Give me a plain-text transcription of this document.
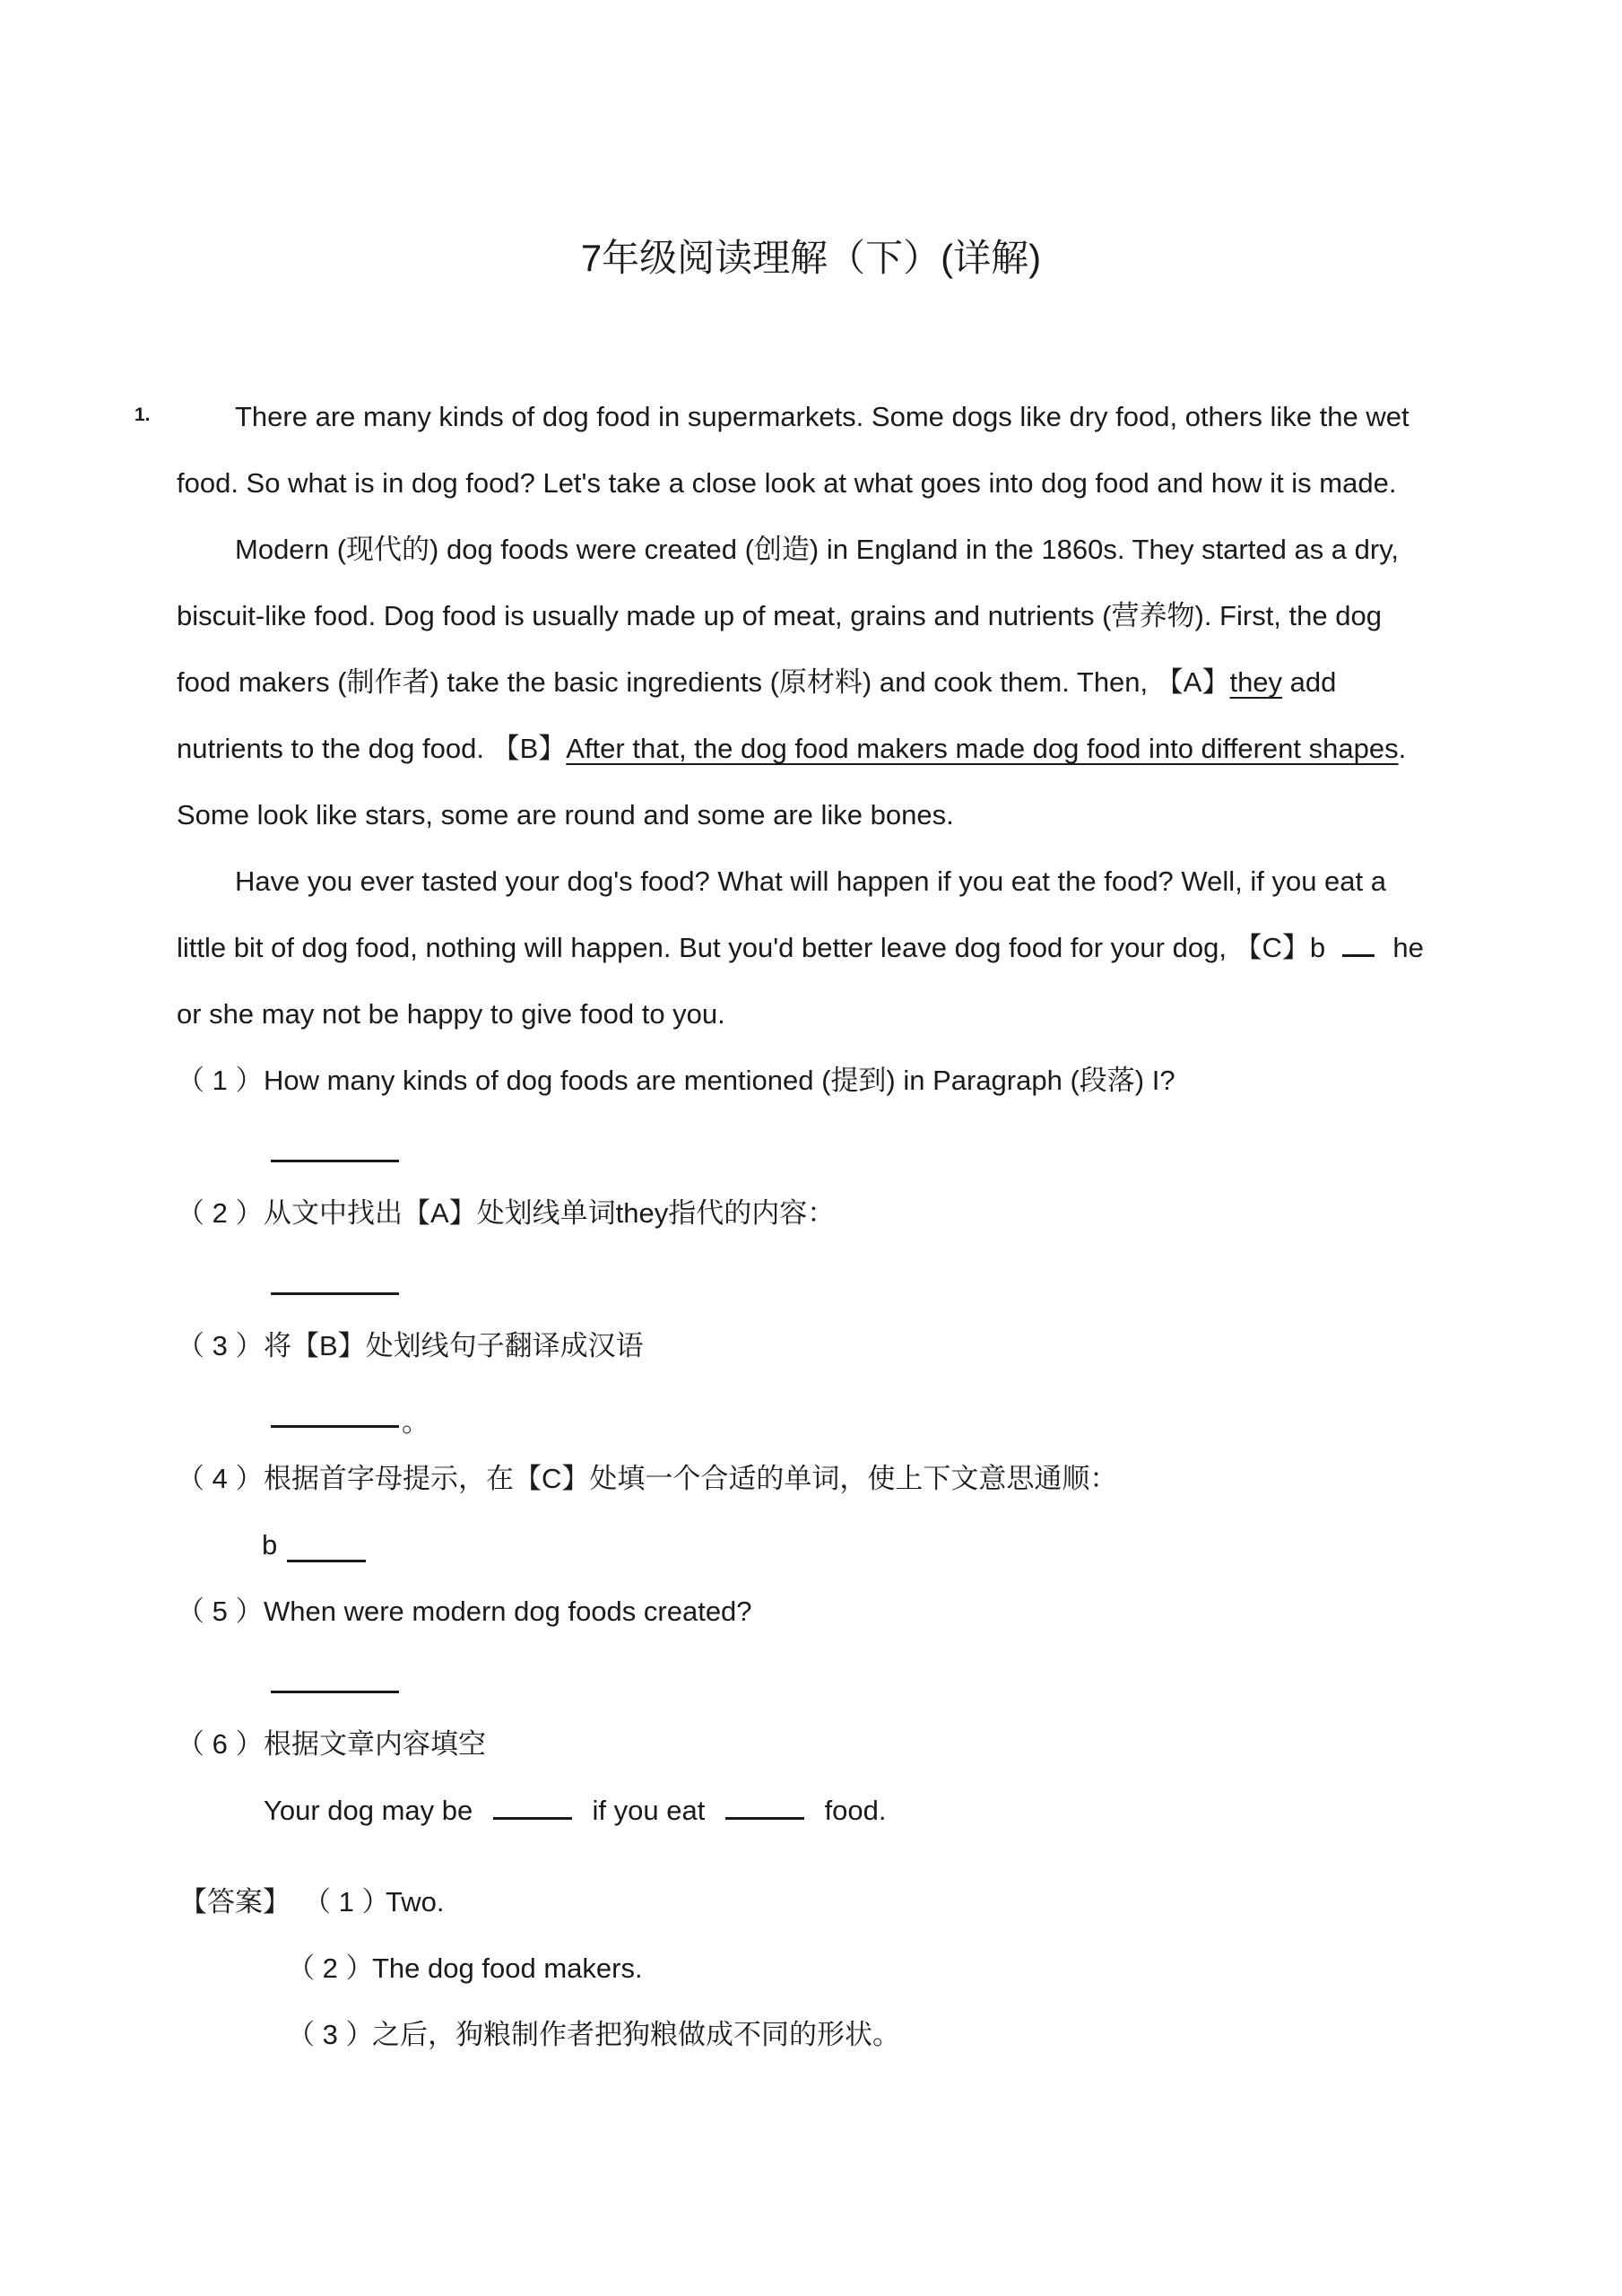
7年级阅读理解（下）(详解)
1.	There are many kinds of dog food in supermarkets. Some dogs like dry food, others like the wet
food. So what is in dog food? Let's take a close look at what goes into dog food and how it is made.
Modern (现代的) dog foods were created (创造) in England in the 1860s. They started as a dry,
biscuit-like food. Dog food is usually made up of meat, grains and nutrients (营养物). First, the dog
food makers (制作者) take the basic ingredients (原材料) and cook them. Then, 【A】they add
nutrients to the dog food. 【B】After that, the dog food makers made dog food into different shapes.
Some look like stars, some are round and some are like bones.
Have you ever tasted your dog's food? What will happen if you eat the food? Well, if you eat a
little bit of dog food, nothing will happen. But you'd better leave dog food for your dog, 【C】b he
or she may not be happy to give food to you.
（ 1 ） How many kinds of dog foods are mentioned (提到) in Paragraph (段落) I?
（ 2 ） 从文中找出【A】处划线单词they指代的内容：
（ 3 ） 将【B】处划线句子翻译成汉语
。
（ 4 ） 根据首字母提示，在【C】处填一个合适的单词，使上下文意思通顺：
b
（ 5 ） When were modern dog foods created?
（ 6 ） 根据文章内容填空
Your dog may be	if you eat	food.
【答案】 （ 1 ）
Two.
（ 2 ）
The dog food makers.
（ 3 ）
之后，狗粮制作者把狗粮做成不同的形状。
